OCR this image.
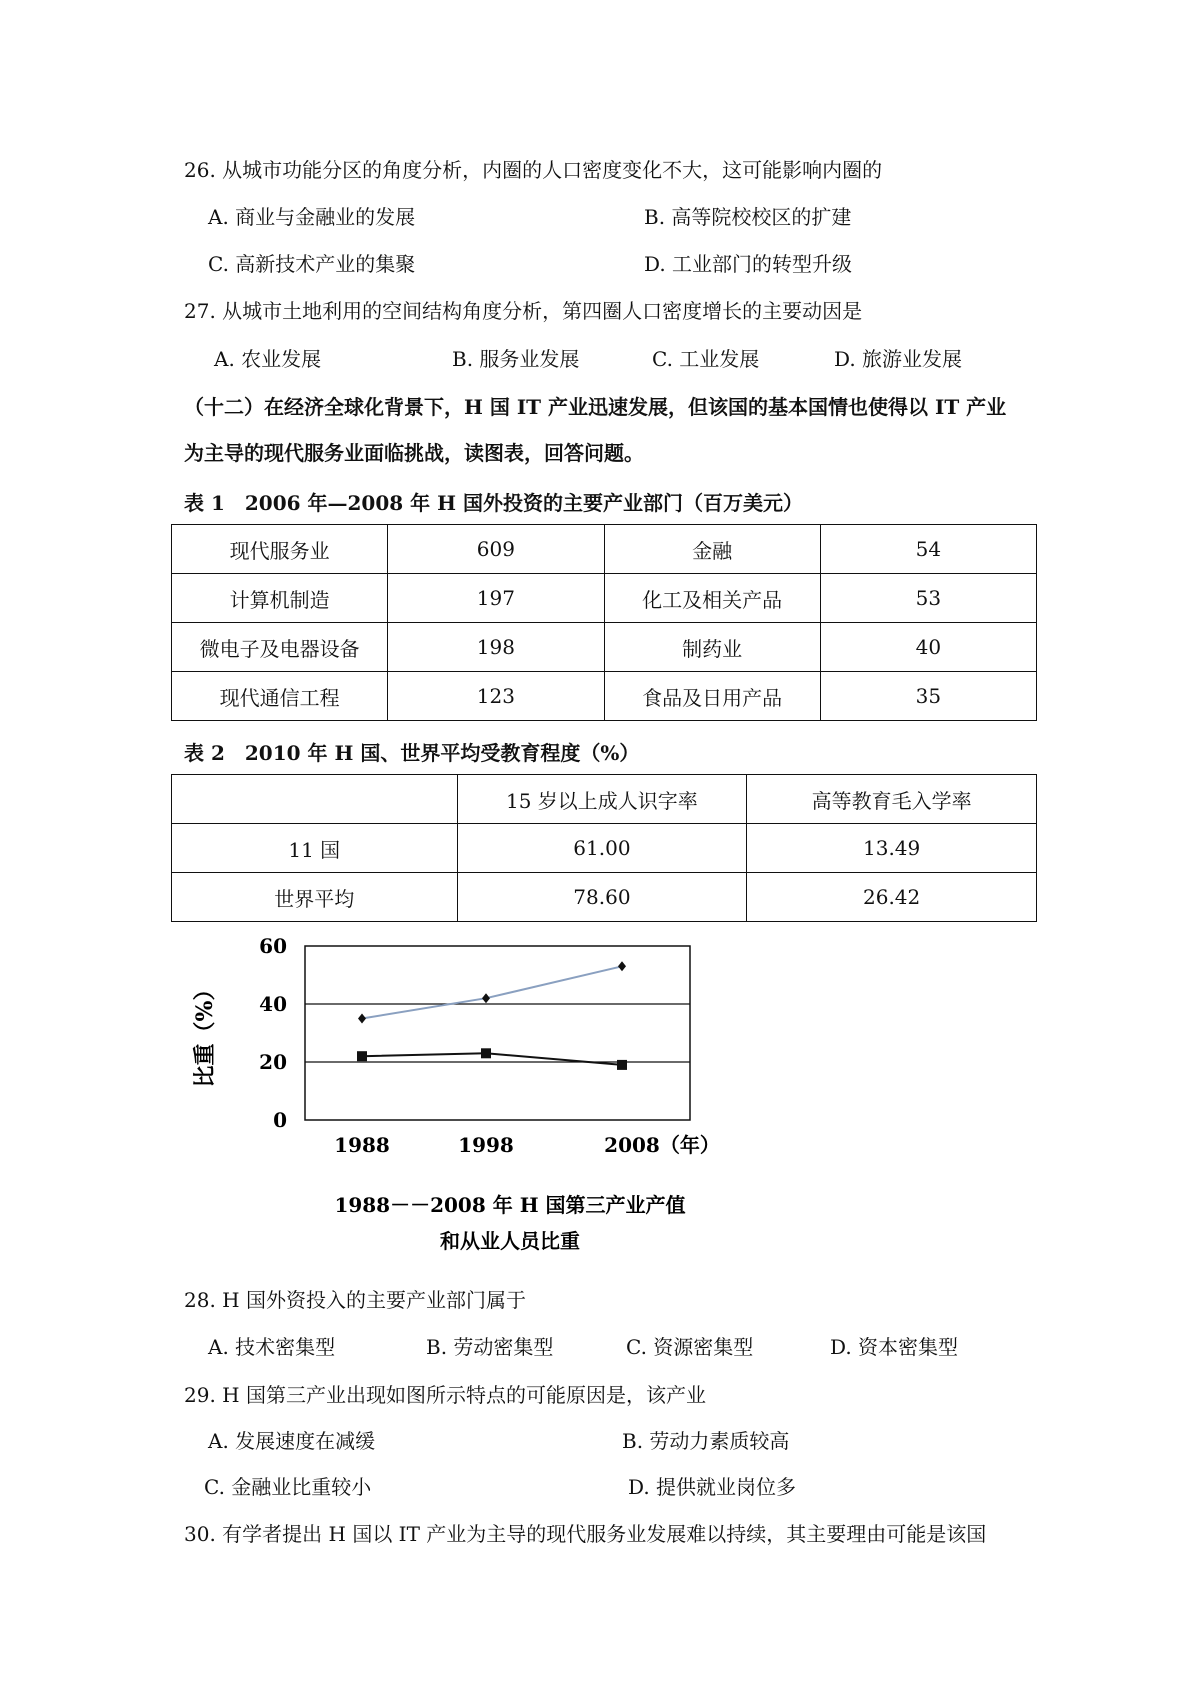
26. 从城市功能分区的角度分析，内圈的人口密度变化不大，这可能影响内圈的
A. 商业与金融业的发展	B. 高等院校校区的扩建
C. 高新技术产业的集聚	D. 工业部门的转型升级
27. 从城市土地利用的空间结构角度分析，第四圈人口密度增长的主要动因是
A. 农业发展	B. 服务业发展	C. 工业发展	D. 旅游业发展
（十二）在经济全球化背景下，H 国 IT 产业迅速发展，但该国的基本国情也使得以 IT 产业
为主导的现代服务业面临挑战，读图表，回答问题。
表 1　2006 年—2008 年 H 国外投资的主要产业部门（百万美元）
现代服务业	609	金融	54
计算机制造	197	化工及相关产品	53
微电子及电器设备	198	制药业	40
现代通信工程	123	食品及日用产品	35
表 2　2010 年 H 国、世界平均受教育程度（%）
	15 岁以上成人识字率	高等教育毛入学率
11 国	61.00	13.49
世界平均	78.60	26.42
0
20
40
60
1988	1998	2008（年）
比重（%）
1988－－2008 年 H 国第三产业产值
和从业人员比重
28. H 国外资投入的主要产业部门属于
A. 技术密集型	B. 劳动密集型	C. 资源密集型	D. 资本密集型
29. H 国第三产业出现如图所示特点的可能原因是，该产业
A. 发展速度在减缓	B. 劳动力素质较高
C. 金融业比重较小	D. 提供就业岗位多
30. 有学者提出 H 国以 IT 产业为主导的现代服务业发展难以持续，其主要理由可能是该国
